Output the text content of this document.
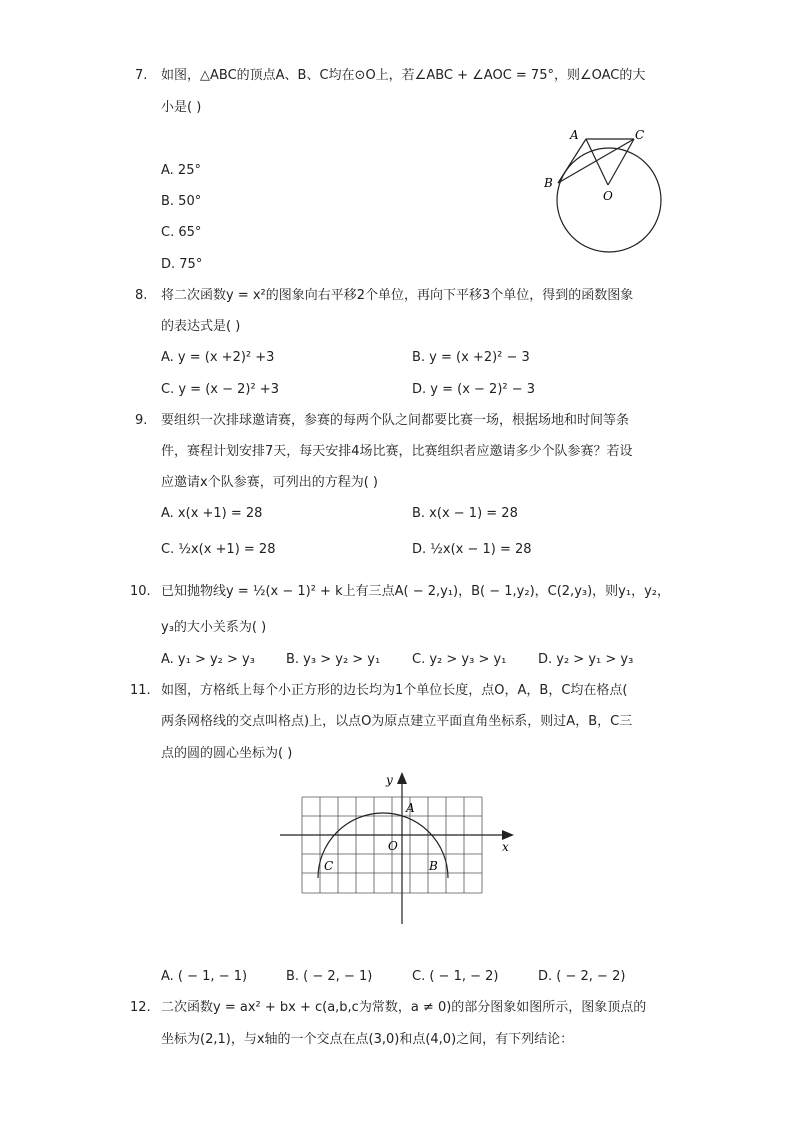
7. 如图，△ABC的顶点A、B、C均在⊙O上，若∠ABC + ∠AOC = 75°，则∠OAC的大
小是( )
A. 25°
B. 50°
C. 65°
D. 75°
A	C
B
O
8. 将二次函数y = x²的图象向右平移2个单位，再向下平移3个单位，得到的函数图象
的表达式是( )
A. y = (x +2)² +3	B. y = (x +2)² − 3
C. y = (x − 2)² +3	D. y = (x − 2)² − 3
9. 要组织一次排球邀请赛，参赛的每两个队之间都要比赛一场，根据场地和时间等条
件，赛程计划安排7天，每天安排4场比赛，比赛组织者应邀请多少个队参赛？若设
应邀请x个队参赛，可列出的方程为( )
A. x(x +1) = 28	B. x(x − 1) = 28
C. ½x(x +1) = 28	D. ½x(x − 1) = 28
10. 已知抛物线y = ½(x − 1)² + k上有三点A( − 2,y₁)，B( − 1,y₂)，C(2,y₃)，则y₁，y₂，
y₃的大小关系为( )
A. y₁ > y₂ > y₃ B. y₃ > y₂ > y₁ C. y₂ > y₃ > y₁ D. y₂ > y₁ > y₃
11. 如图，方格纸上每个小正方形的边长均为1个单位长度，点O，A，B，C均在格点(
两条网格线的交点叫格点)上，以点O为原点建立平面直角坐标系，则过A，B，C三
点的圆的圆心坐标为( )
y
x
A
O
C	B
A. ( − 1, − 1)	B. ( − 2, − 1)	C. ( − 1, − 2)	D. ( − 2, − 2)
12. 二次函数y = ax² + bx + c(a,b,c为常数，a ≠ 0)的部分图象如图所示，图象顶点的
坐标为(2,1)，与x轴的一个交点在点(3,0)和点(4,0)之间，有下列结论：
